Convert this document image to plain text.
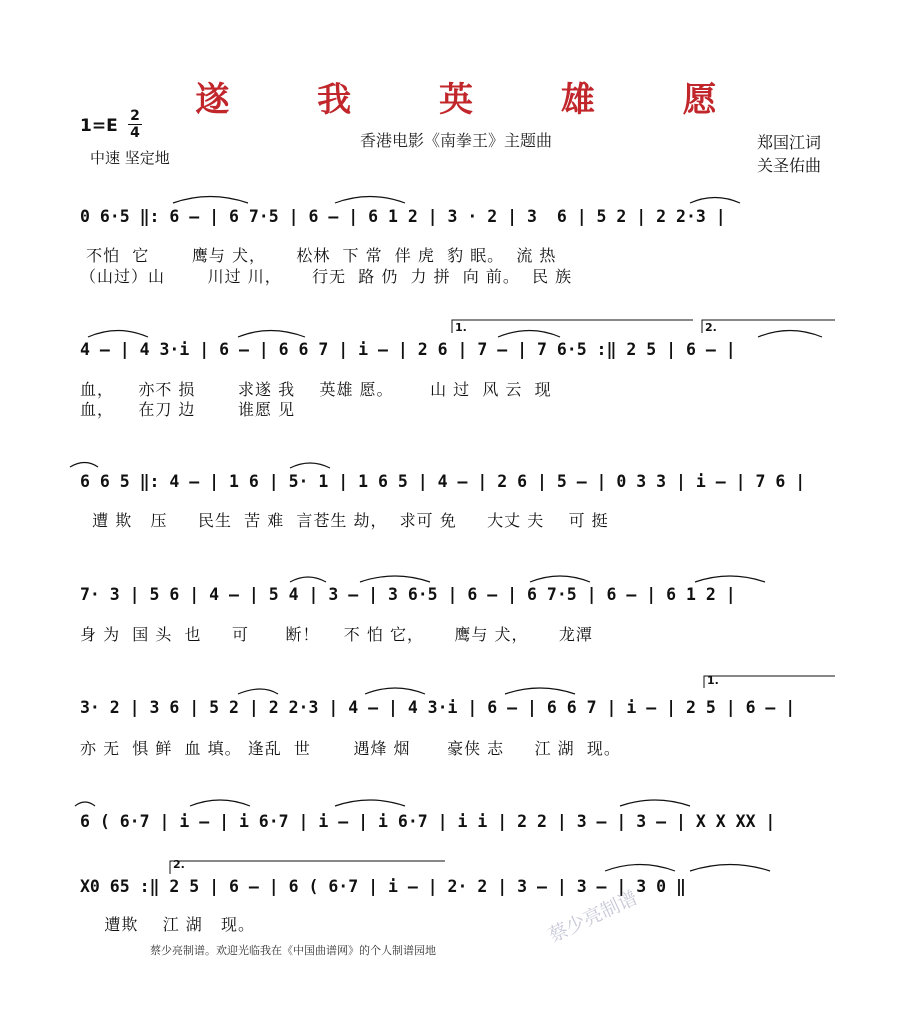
遂 我 英 雄 愿
香港电影《南拳王》主题曲
1=E 2
4
中速 坚定地
郑国江词
关圣佑曲
0 6·5 ‖: 6 — | 6 7·5 | 6 — | 6 1 2 | 3 · 2 | 3  6 | 5 2 | 2 2·3 |
不怕  它       鹰与 犬，     松林  下 常  伴 虎  豹 眠。  流 热
（山过）山       川过 川，     行无  路 仍  力 拼  向 前。  民 族
1.	2.
4 — | 4 3·i | 6 — | 6 6 7 | i — | 2 6 | 7 — | 7 6·5 :‖ 2 5 | 6 — |
血，    亦不 损       求遂 我    英雄 愿。      山 过  风 云  现
血，    在刀 边       谁愿 见
6 6 5 ‖: 4 — | 1 6 | 5· 1 | 1 6 5 | 4 — | 2 6 | 5 — | 0 3 3 | i — | 7 6 |
遭 欺   压     民生  苦 难  言苍生 劫，  求可 免     大丈 夫    可 挺
7· 3 | 5 6 | 4 — | 5 4 | 3 — | 3 6·5 | 6 — | 6 7·5 | 6 — | 6 1 2 |
身 为  国 头  也     可      断！    不 怕 它，     鹰与 犬，     龙潭
1.
3· 2 | 3 6 | 5 2 | 2 2·3 | 4 — | 4 3·i | 6 — | 6 6 7 | i — | 2 5 | 6 — |
亦 无  惧 鲜  血 填。 逢乱  世       遇烽 烟      豪侠 志     江 湖  现。
6 ( 6·7 | i — | i 6·7 | i — | i 6·7 | i i | 2 2 | 3 — | 3 — | X X XX |
2.
X0 65 :‖ 2 5 | 6 — | 6 ( 6·7 | i — | 2· 2 | 3 — | 3 — | 3 0 ‖
遭欺    江 湖   现。
蔡少亮制谱。欢迎光临我在《中国曲谱网》的个人制谱园地
蔡少亮制谱
